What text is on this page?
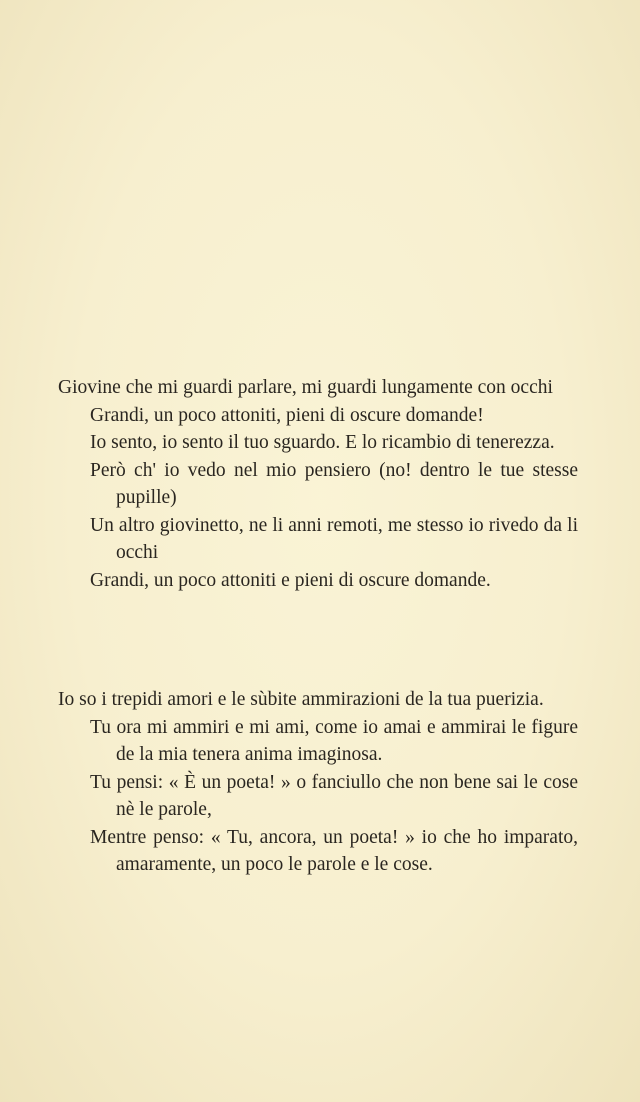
Giovine che mi guardi parlare, mi guardi lungamente con occhi

Grandi, un poco attoniti, pieni di oscure domande!

Io sento, io sento il tuo sguardo. E lo ricambio di tenerezza.

Però ch' io vedo nel mio pensiero (no! dentro le tue stesse pupille)

Un altro giovinetto, ne li anni remoti, me stesso io rivedo da li occhi

Grandi, un poco attoniti e pieni di oscure domande.

Io so i trepidi amori e le sùbite ammirazioni de la tua puerizia.

Tu ora mi ammiri e mi ami, come io amai e ammirai le figure de la mia tenera anima imaginosa.

Tu pensi: « È un poeta! » o fanciullo che non bene sai le cose nè le parole,

Mentre penso: « Tu, ancora, un poeta! » io che ho imparato, amaramente, un poco le parole e le cose.
